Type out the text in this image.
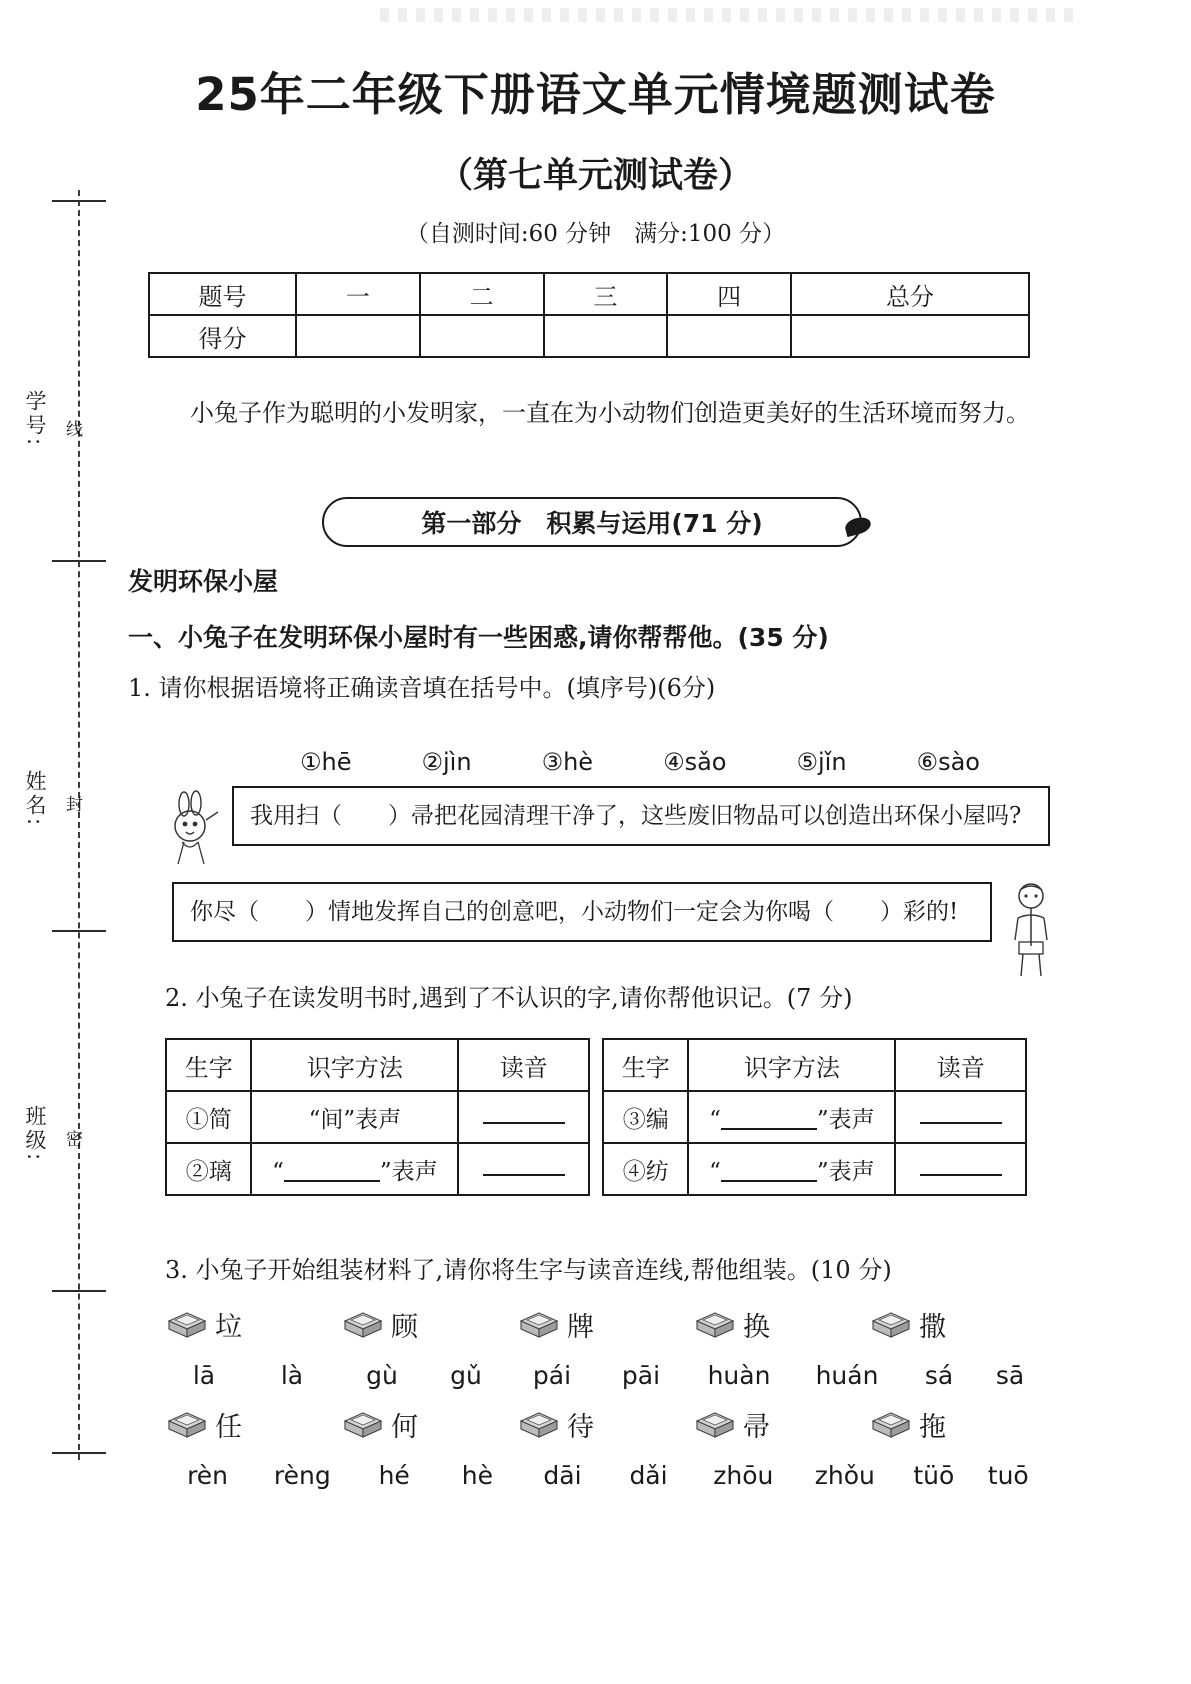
学号:
姓名:
班级:
线
封
密
25年二年级下册语文单元情境题测试卷
（第七单元测试卷）
（自测时间:60 分钟　满分:100 分）
题号	一	二	三	四	总分
得分					
小兔子作为聪明的小发明家，一直在为小动物们创造更美好的生活环境而努力。
第一部分　积累与运用(71 分)
发明环保小屋
一、小兔子在发明环保小屋时有一些困惑,请你帮帮他。(35 分)
1. 请你根据语境将正确读音填在括号中。(填序号)(6分)
①hē	②jìn	③hè	④sǎo	⑤jǐn	⑥sào
我用扫（　　）帚把花园清理干净了，这些废旧物品可以创造出环保小屋吗?
你尽（　　）情地发挥自己的创意吧，小动物们一定会为你喝（　　）彩的!
2. 小兔子在读发明书时,遇到了不认识的字,请你帮他识记。(7 分)
生字	识字方法	读音
①简	“间”表声	
②璃	“ ”表声	
生字	识字方法	读音
③编	“ ”表声	
④纺	“ ”表声	
3. 小兔子开始组装材料了,请你将生字与读音连线,帮他组装。(10 分)
垃	顾	牌	换	撒
lā	là	gù	gǔ	pái	pāi	huàn	huán	sá	sā
任	何	待	帚	拖
rèn	rèng	hé	hè	dāi	dǎi	zhōu	zhǒu	tüō	tuō
